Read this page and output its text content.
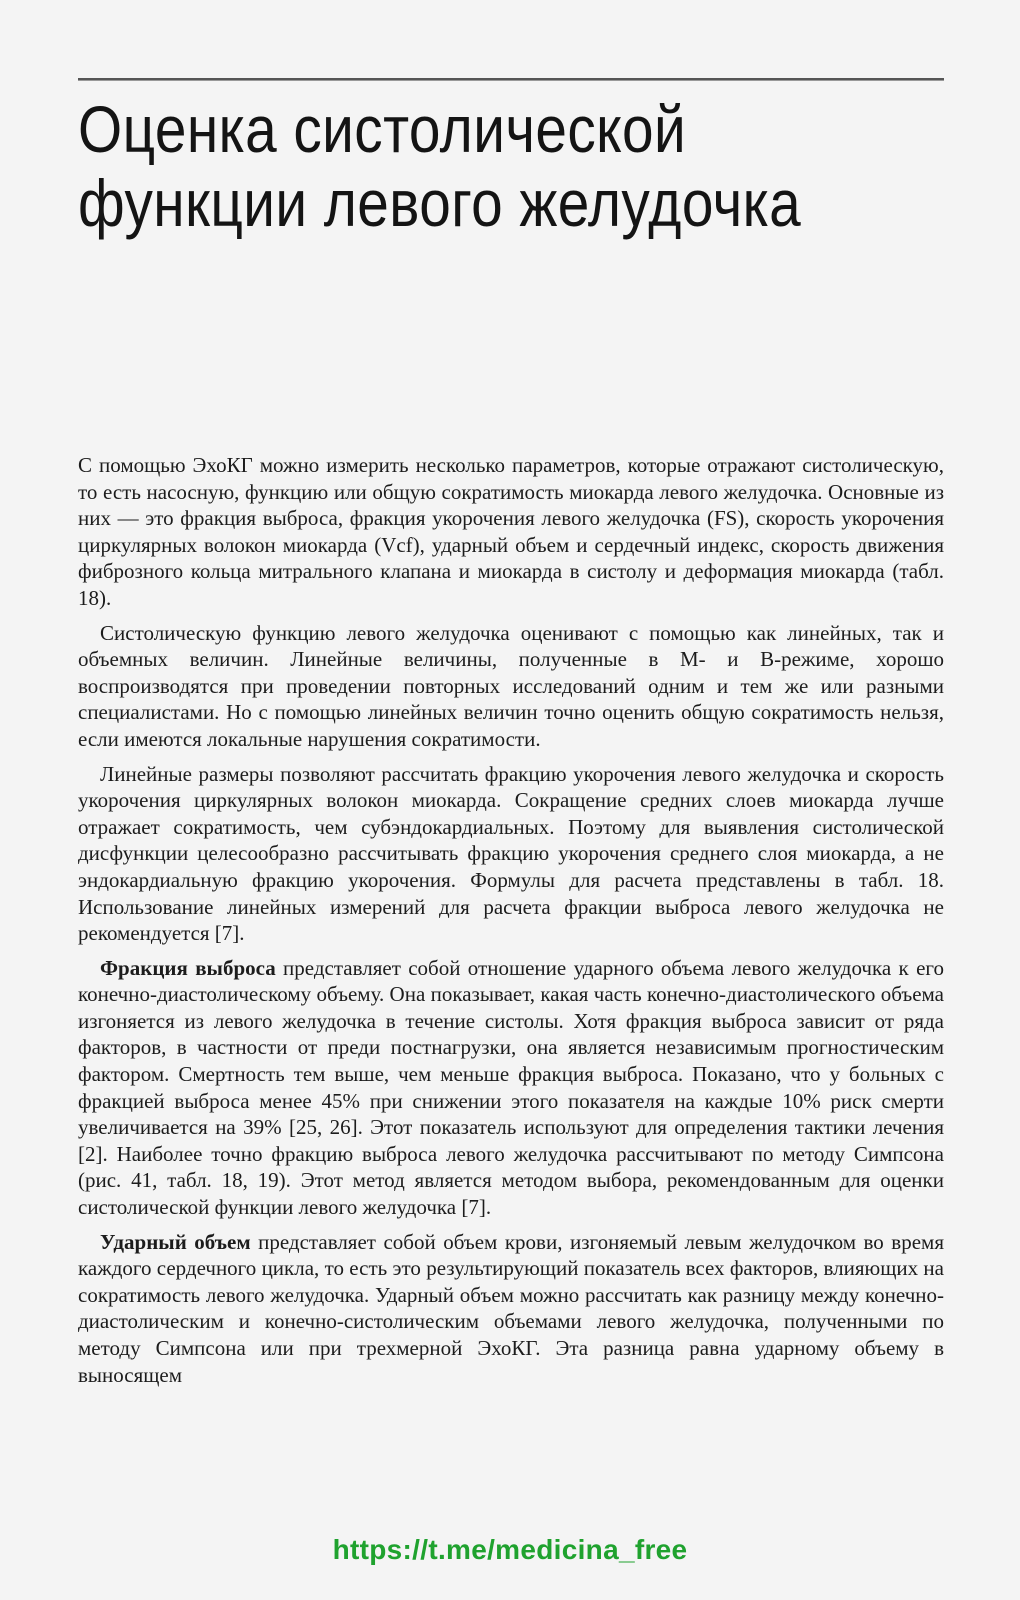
Оценка систолической
функции левого желудочка

С помощью ЭхоКГ можно измерить несколько параметров, которые отражают систолическую, то есть насосную, функцию или общую сократимость миокарда левого желудочка. Основные из них — это фракция выброса, фракция укорочения левого желудочка (FS), скорость укорочения циркулярных волокон миокарда (Vcf), ударный объем и сердечный индекс, скорость движения фиброзного кольца митрального клапана и миокарда в систолу и деформация миокарда (табл. 18).

Систолическую функцию левого желудочка оценивают с помощью как линейных, так и объемных величин. Линейные величины, полученные в М- и В-режиме, хорошо воспроизводятся при проведении повторных исследований одним и тем же или разными специалистами. Но с помощью линейных величин точно оценить общую сократимость нельзя, если имеются локальные нарушения сократимости.

Линейные размеры позволяют рассчитать фракцию укорочения левого желудочка и скорость укорочения циркулярных волокон миокарда. Сокращение средних слоев миокарда лучше отражает сократимость, чем субэндокардиальных. Поэтому для выявления систолической дисфункции целесообразно рассчитывать фракцию укорочения среднего слоя миокарда, а не эндокардиальную фракцию укорочения. Формулы для расчета представлены в табл. 18. Использование линейных измерений для расчета фракции выброса левого желудочка не рекомендуется [7].

Фракция выброса представляет собой отношение ударного объема левого желудочка к его конечно-диастолическому объему. Она показывает, какая часть конечно-диастолического объема изгоняется из левого желудочка в течение систолы. Хотя фракция выброса зависит от ряда факторов, в частности от преди постнагрузки, она является независимым прогностическим фактором. Смертность тем выше, чем меньше фракция выброса. Показано, что у больных с фракцией выброса менее 45% при снижении этого показателя на каждые 10% риск смерти увеличивается на 39% [25, 26]. Этот показатель используют для определения тактики лечения [2]. Наиболее точно фракцию выброса левого желудочка рассчитывают по методу Симпсона (рис. 41, табл. 18, 19). Этот метод является методом выбора, рекомендованным для оценки систолической функции левого желудочка [7].

Ударный объем представляет собой объем крови, изгоняемый левым желудочком во время каждого сердечного цикла, то есть это результирующий показатель всех факторов, влияющих на сократимость левого желудочка. Ударный объем можно рассчитать как разницу между конечно-диастолическим и конечно-систолическим объемами левого желудочка, полученными по методу Симпсона или при трехмерной ЭхоКГ. Эта разница равна ударному объему в выносящем

https://t.me/medicina_free
